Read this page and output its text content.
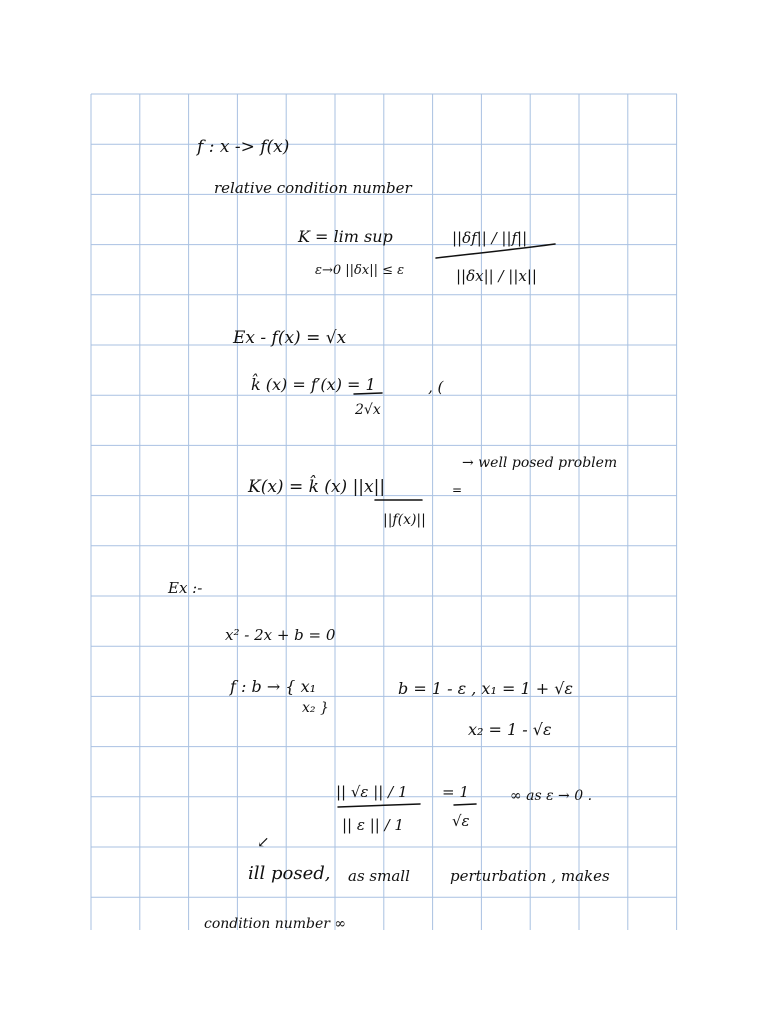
f : x -> f(x)
relative condition number
K = lim sup
ε→0 ||δx|| ≤ ε
||δf|| / ||f||
||δx|| / ||x||
Ex - f(x) = √x
k̂ (x) = f′(x) = 1
2√x
‚ (
→ well posed problem
K(x) = k̂ (x) ||x||
||f(x)||
=
Ex :-
x² - 2x + b = 0
f : b → { x₁
x₂ }
b = 1 - ε , x₁ = 1 + √ε
x₂ = 1 - √ε
|| √ε || / 1
|| ε || / 1
= 1
√ε
∞ as ε → 0 .
↙
ill posed, as small	perturbation , makes
condition number ∞
